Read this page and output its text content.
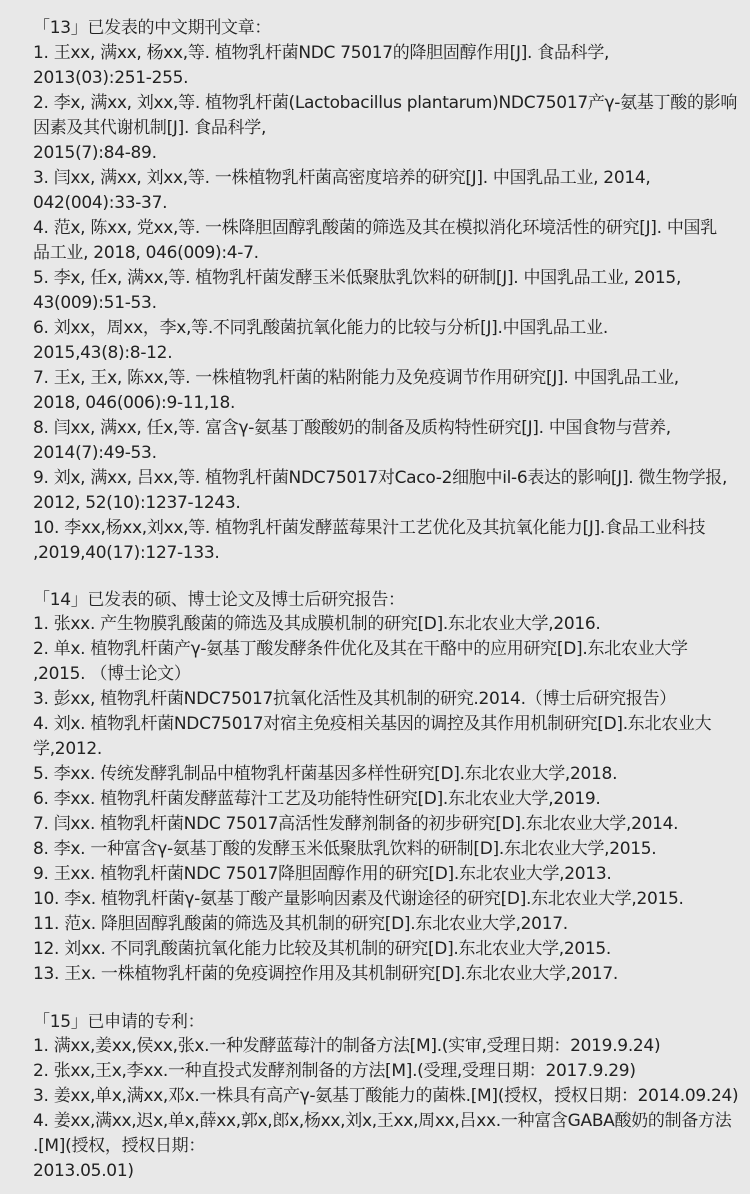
「13」已发表的中文期刊文章：
1. 王xx, 满xx, 杨xx,等. 植物乳杆菌NDC 75017的降胆固醇作用[J]. 食品科学,
2013(03):251-255.
2. 李x, 满xx, 刘xx,等. 植物乳杆菌(Lactobacillus plantarum)NDC75017产γ-氨基丁酸的影响
因素及其代谢机制[J]. 食品科学,
2015(7):84-89.
3. 闫xx, 满xx, 刘xx,等. 一株植物乳杆菌高密度培养的研究[J]. 中国乳品工业, 2014,
042(004):33-37.
4. 范x, 陈xx, 党xx,等. 一株降胆固醇乳酸菌的筛选及其在模拟消化环境活性的研究[J]. 中国乳
品工业, 2018, 046(009):4-7.
5. 李x, 任x, 满xx,等. 植物乳杆菌发酵玉米低聚肽乳饮料的研制[J]. 中国乳品工业, 2015,
43(009):51-53.
6. 刘xx，周xx，李x,等.不同乳酸菌抗氧化能力的比较与分析[J].中国乳品工业.
2015,43(8):8-12.
7. 王x, 王x, 陈xx,等. 一株植物乳杆菌的粘附能力及免疫调节作用研究[J]. 中国乳品工业,
2018, 046(006):9-11,18.
8. 闫xx, 满xx, 任x,等. 富含γ-氨基丁酸酸奶的制备及质构特性研究[J]. 中国食物与营养,
2014(7):49-53.
9. 刘x, 满xx, 吕xx,等. 植物乳杆菌NDC75017对Caco-2细胞中il-6表达的影响[J]. 微生物学报,
2012, 52(10):1237-1243.
10. 李xx,杨xx,刘xx,等. 植物乳杆菌发酵蓝莓果汁工艺优化及其抗氧化能力[J].食品工业科技
,2019,40(17):127-133.
「14」已发表的硕、博士论文及博士后研究报告：
1. 张xx. 产生物膜乳酸菌的筛选及其成膜机制的研究[D].东北农业大学,2016.
2. 单x. 植物乳杆菌产γ-氨基丁酸发酵条件优化及其在干酪中的应用研究[D].东北农业大学
,2015. （博士论文）
3. 彭xx, 植物乳杆菌NDC75017抗氧化活性及其机制的研究.2014.（博士后研究报告）
4. 刘x. 植物乳杆菌NDC75017对宿主免疫相关基因的调控及其作用机制研究[D].东北农业大
学,2012.
5. 李xx. 传统发酵乳制品中植物乳杆菌基因多样性研究[D].东北农业大学,2018.
6. 李xx. 植物乳杆菌发酵蓝莓汁工艺及功能特性研究[D].东北农业大学,2019.
7. 闫xx. 植物乳杆菌NDC 75017高活性发酵剂制备的初步研究[D].东北农业大学,2014.
8. 李x. 一种富含γ-氨基丁酸的发酵玉米低聚肽乳饮料的研制[D].东北农业大学,2015.
9. 王xx. 植物乳杆菌NDC 75017降胆固醇作用的研究[D].东北农业大学,2013.
10. 李x. 植物乳杆菌γ-氨基丁酸产量影响因素及代谢途径的研究[D].东北农业大学,2015.
11. 范x. 降胆固醇乳酸菌的筛选及其机制的研究[D].东北农业大学,2017.
12. 刘xx. 不同乳酸菌抗氧化能力比较及其机制的研究[D].东北农业大学,2015.
13. 王x. 一株植物乳杆菌的免疫调控作用及其机制研究[D].东北农业大学,2017.
「15」已申请的专利：
1. 满xx,姜xx,侯xx,张x.一种发酵蓝莓汁的制备方法[M].(实审,受理日期：2019.9.24)
2. 张xx,王x,李xx.一种直投式发酵剂制备的方法[M].(受理,受理日期：2017.9.29)
3. 姜xx,单x,满xx,邓x.一株具有高产γ-氨基丁酸能力的菌株.[M](授权，授权日期：2014.09.24)
4. 姜xx,满xx,迟x,单x,薛xx,郭x,郎x,杨xx,刘x,王xx,周xx,吕xx.一种富含GABA酸奶的制备方法
.[M](授权，授权日期：
2013.05.01)
